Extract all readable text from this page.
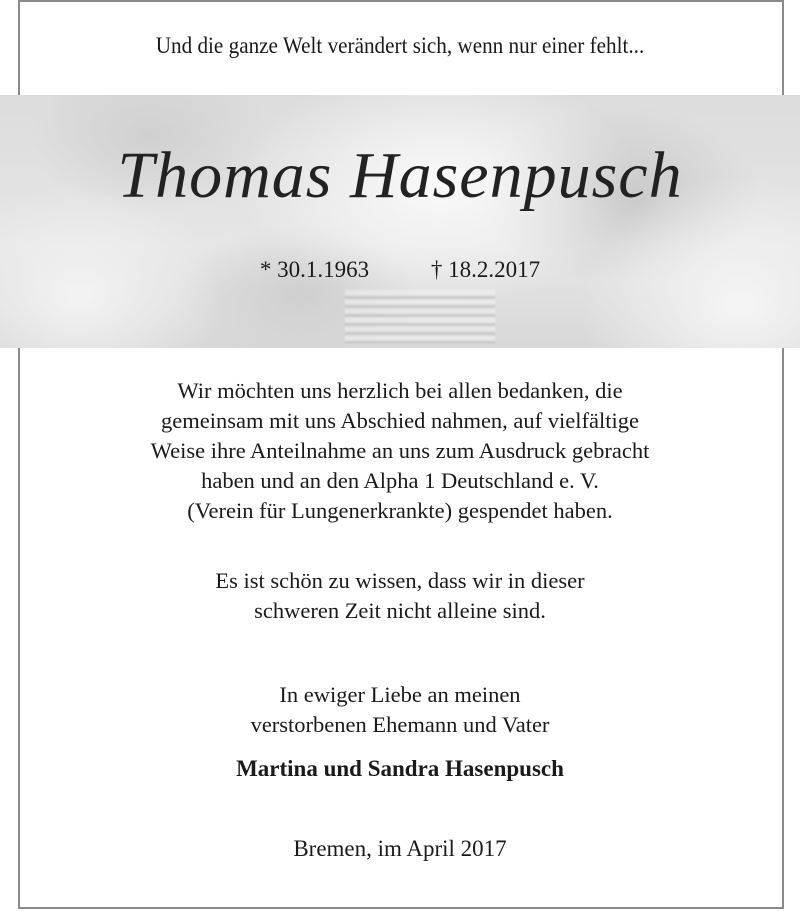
Und die ganze Welt verändert sich, wenn nur einer fehlt...
Thomas Hasenpusch
* 30.1.1963	† 18.2.2017
Wir möchten uns herzlich bei allen bedanken, die
gemeinsam mit uns Abschied nahmen, auf vielfältige
Weise ihre Anteilnahme an uns zum Ausdruck gebracht
haben und an den Alpha 1 Deutschland e. V.
(Verein für Lungenerkrankte) gespendet haben.
Es ist schön zu wissen, dass wir in dieser
schweren Zeit nicht alleine sind.
In ewiger Liebe an meinen
verstorbenen Ehemann und Vater
Martina und Sandra Hasenpusch
Bremen, im April 2017
